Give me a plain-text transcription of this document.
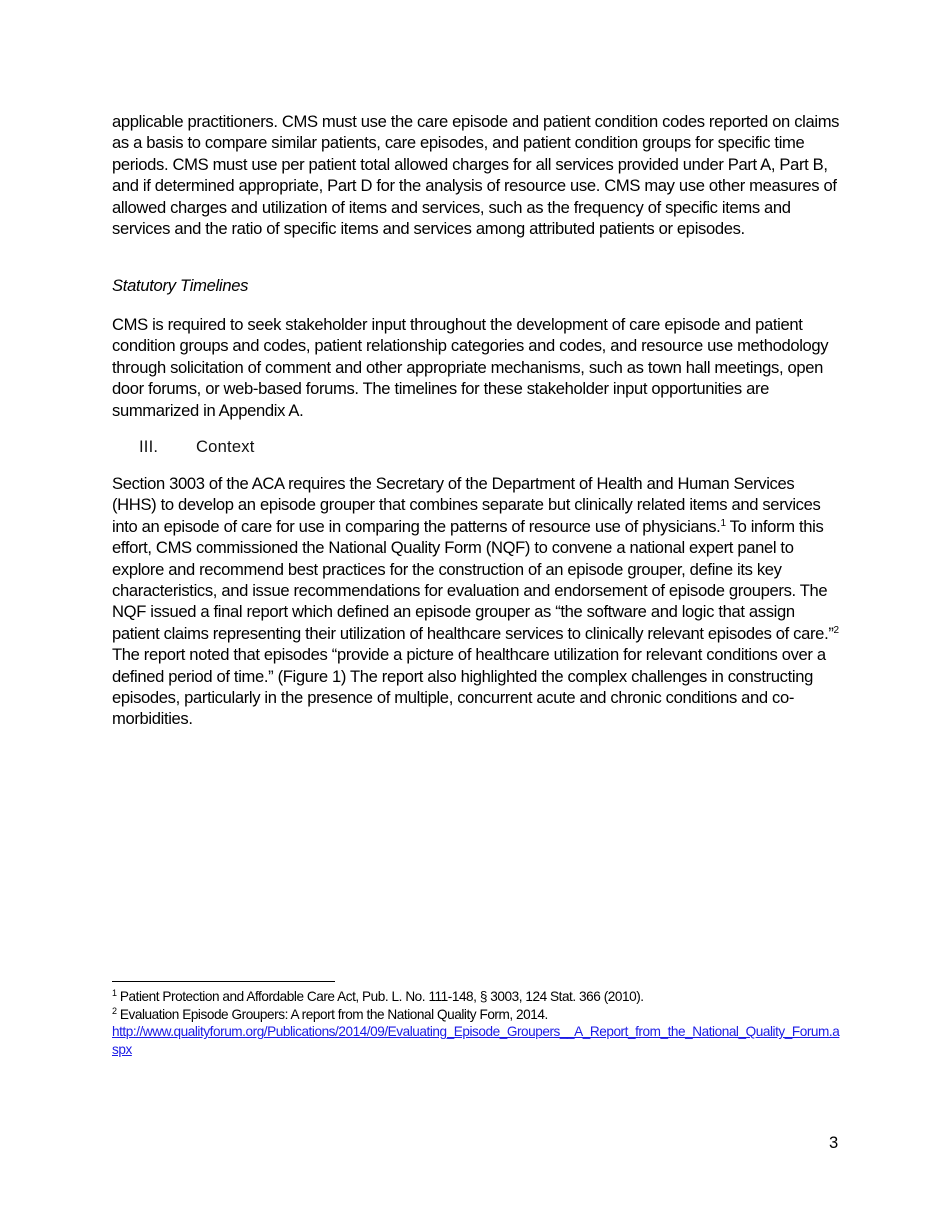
applicable practitioners. CMS must use the care episode and patient condition codes reported on claims as a basis to compare similar patients, care episodes, and patient condition groups for specific time periods. CMS must use per patient total allowed charges for all services provided under Part A, Part B, and if determined appropriate, Part D for the analysis of resource use. CMS may use other measures of allowed charges and utilization of items and services, such as the frequency of specific items and services and the ratio of specific items and services among attributed patients or episodes.

Statutory Timelines

CMS is required to seek stakeholder input throughout the development of care episode and patient condition groups and codes, patient relationship categories and codes, and resource use methodology through solicitation of comment and other appropriate mechanisms, such as town hall meetings, open door forums, or web-based forums. The timelines for these stakeholder input opportunities are summarized in Appendix A.

III. Context

Section 3003 of the ACA requires the Secretary of the Department of Health and Human Services (HHS) to develop an episode grouper that combines separate but clinically related items and services into an episode of care for use in comparing the patterns of resource use of physicians.$^1$ To inform this effort, CMS commissioned the National Quality Form (NQF) to convene a national expert panel to explore and recommend best practices for the construction of an episode grouper, define its key characteristics, and issue recommendations for evaluation and endorsement of episode groupers. The NQF issued a final report which defined an episode grouper as “the software and logic that assign patient claims representing their utilization of healthcare services to clinically relevant episodes of care.”$^2$ The report noted that episodes “provide a picture of healthcare utilization for relevant conditions over a defined period of time.” (Figure 1) The report also highlighted the complex challenges in constructing episodes, particularly in the presence of multiple, concurrent acute and chronic conditions and co-morbidities.

$^1$ Patient Protection and Affordable Care Act, Pub. L. No. 111-148, § 3003, 124 Stat. 366 (2010).

$^2$ Evaluation Episode Groupers: A report from the National Quality Form, 2014.

http://www.qualityforum.org/Publications/2014/09/Evaluating_Episode_Groupers__A_Report_from_the_National_Quality_Forum.aspx

3
